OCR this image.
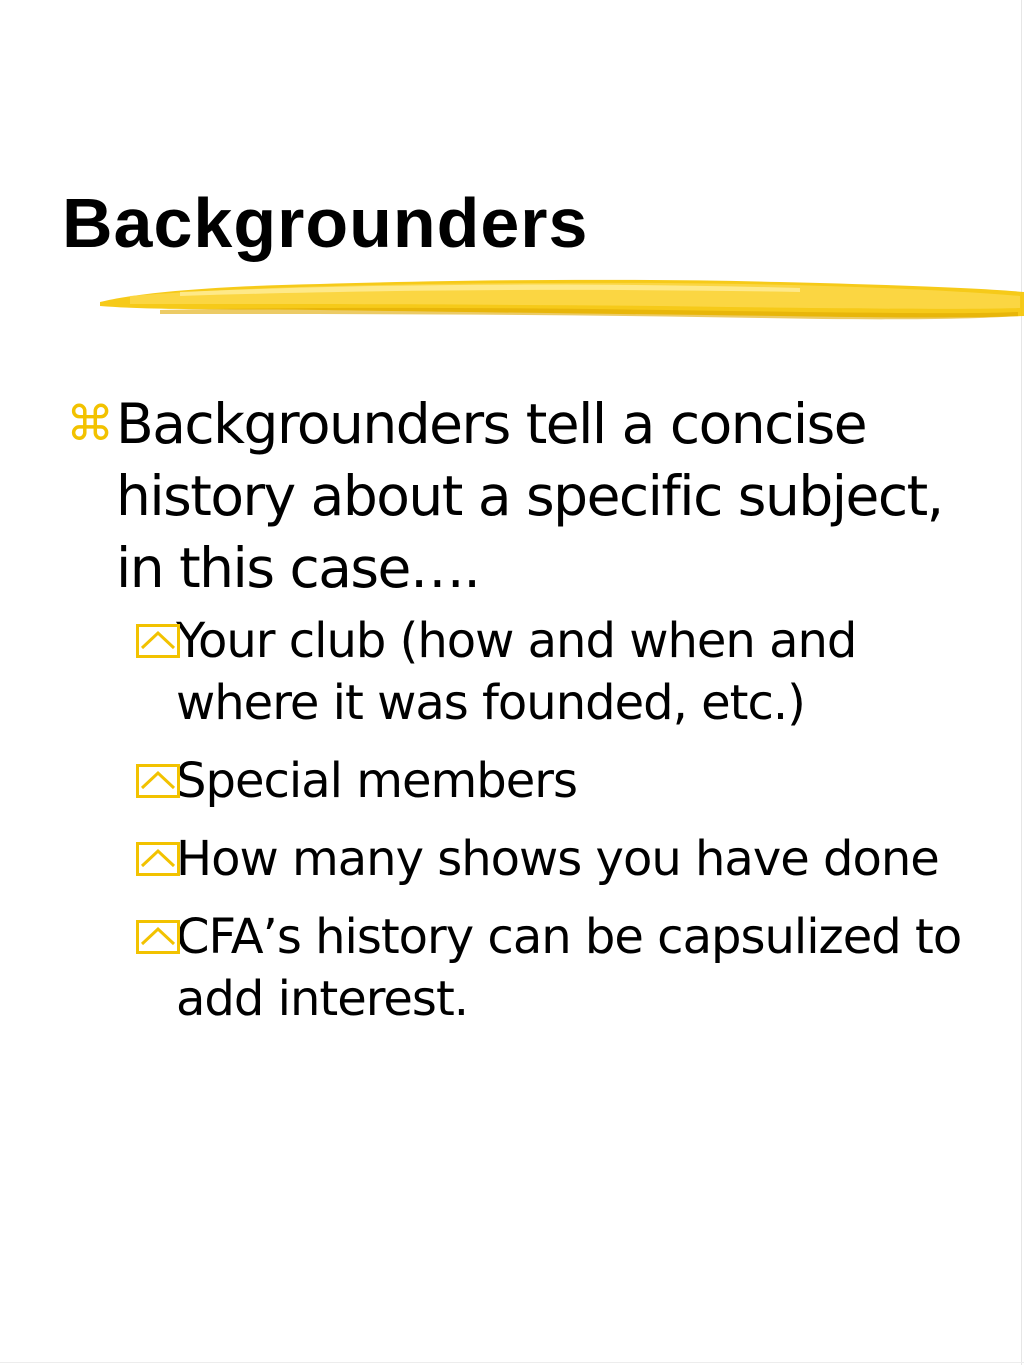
Backgrounders
⌘ Backgrounders tell a concise history about a specific subject, in this case….
Your club (how and when and where it was founded, etc.)
Special members
How many shows you have done
CFA’s history can be capsulized to add interest.
